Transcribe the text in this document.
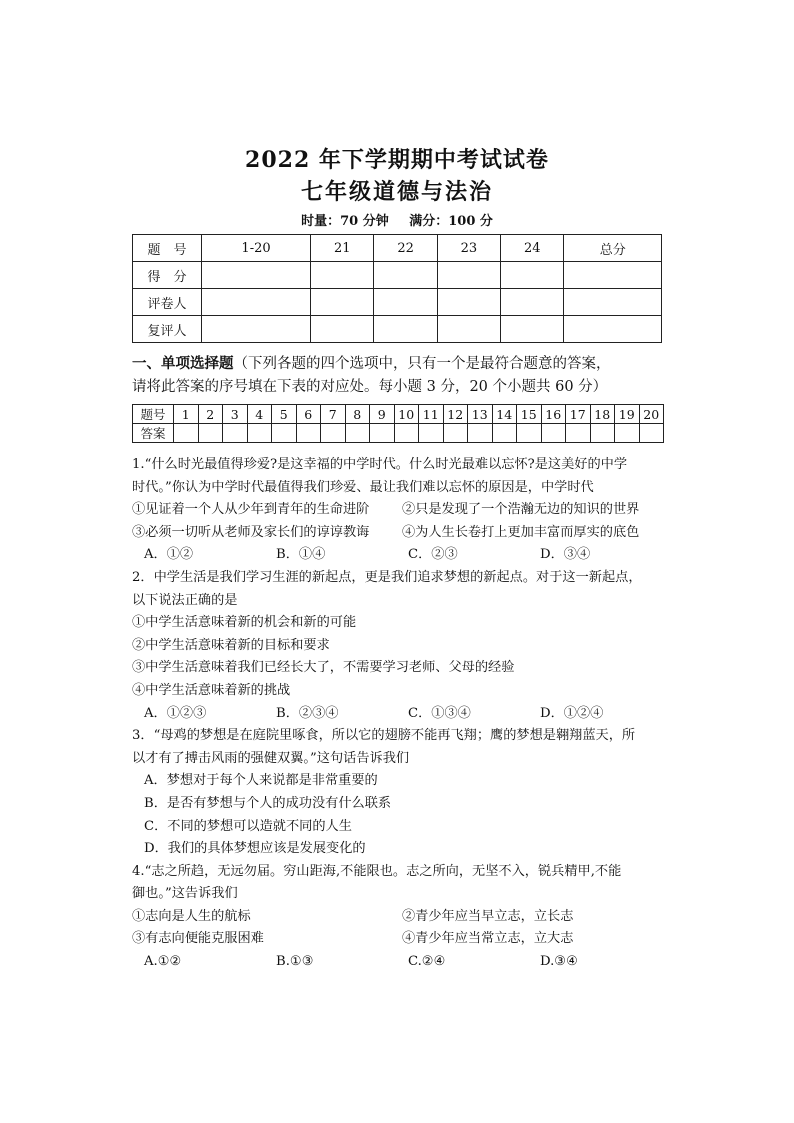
2022 年下学期期中考试试卷
七年级道德与法治
时量：70 分钟 满分：100 分
题　号	1-20	21	22	23	24	总分
得　分						
评卷人						
复评人						
一、单项选择题（下列各题的四个选项中，只有一个是最符合题意的答案，
请将此答案的序号填在下表的对应处。每小题 3 分，20 个小题共 60 分）
题号	1	2	3	4	5	6	7	8	9	10	11	12	13	14	15	16	17	18	19	20
答案																				
1.“什么时光最值得珍爱?是这幸福的中学时代。什么时光最难以忘怀?是这美好的中学
时代。”你认为中学时代最值得我们珍爱、最让我们难以忘怀的原因是，中学时代
①见证着一个人从少年到青年的生命进阶	②只是发现了一个浩瀚无边的知识的世界
③必须一切听从老师及家长们的谆谆教诲	④为人生长卷打上更加丰富而厚实的底色
A．①②	B．①④	C．②③	D．③④
2．中学生活是我们学习生涯的新起点，更是我们追求梦想的新起点。对于这一新起点，
以下说法正确的是
①中学生活意味着新的机会和新的可能
②中学生活意味着新的目标和要求
③中学生活意味着我们已经长大了，不需要学习老师、父母的经验
④中学生活意味着新的挑战
A．①②③	B．②③④	C．①③④	D．①②④
3．“母鸡的梦想是在庭院里啄食，所以它的翅膀不能再飞翔；鹰的梦想是翱翔蓝天，所
以才有了搏击风雨的强健双翼。”这句话告诉我们
A．梦想对于每个人来说都是非常重要的
B．是否有梦想与个人的成功没有什么联系
C．不同的梦想可以造就不同的人生
D．我们的具体梦想应该是发展变化的
4.“志之所趋，无远勿届。穷山距海,不能限也。志之所向，无坚不入，锐兵精甲,不能
御也。”这告诉我们
①志向是人生的航标	②青少年应当早立志，立长志
③有志向便能克服困难	④青少年应当常立志，立大志
A.①②	B.①③	C.②④	D.③④
